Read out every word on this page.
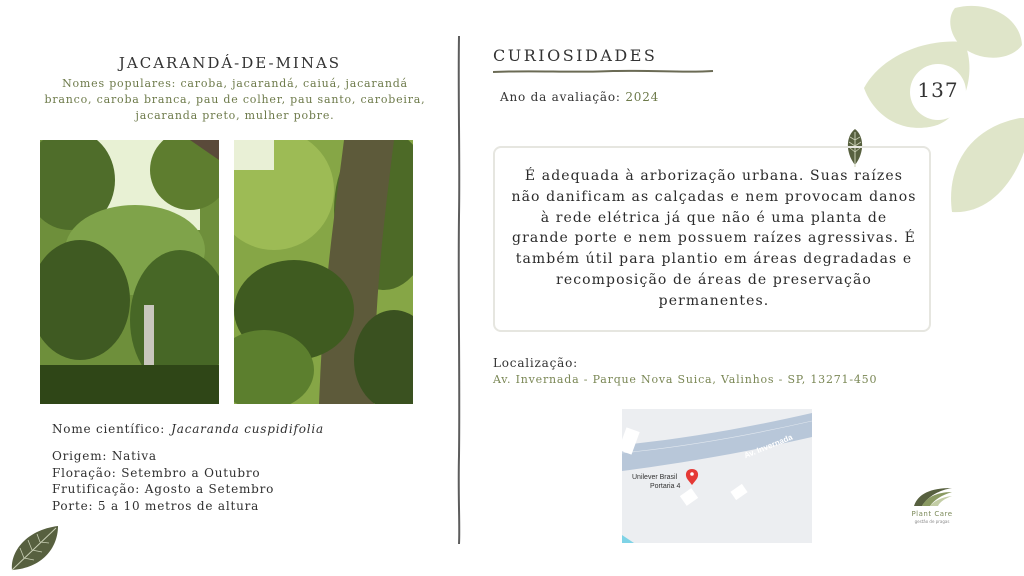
137
JACARANDÁ-DE-MINAS
Nomes populares: caroba, jacarandá, caiuá, jacarandá branco, caroba branca, pau de colher, pau santo, carobeira, jacaranda preto, mulher pobre.
Nome científico: Jacaranda cuspidifolia
Origem: Nativa
Floração: Setembro a Outubro
Frutificação: Agosto a Setembro
Porte: 5 a 10 metros de altura
CURIOSIDADES
Ano da avaliação: 2024
É adequada à arborização urbana. Suas raízes não danificam as calçadas e nem provocam danos à rede elétrica já que não é uma planta de grande porte e nem possuem raízes agressivas. É também útil para plantio em áreas degradadas e recomposição de áreas de preservação permanentes.
Localização:
Av. Invernada - Parque Nova Suica, Valinhos - SP, 13271-450
Av. Invernada
Unilever Brasil
Portaria 4
Plant Care
gestão de pragas
